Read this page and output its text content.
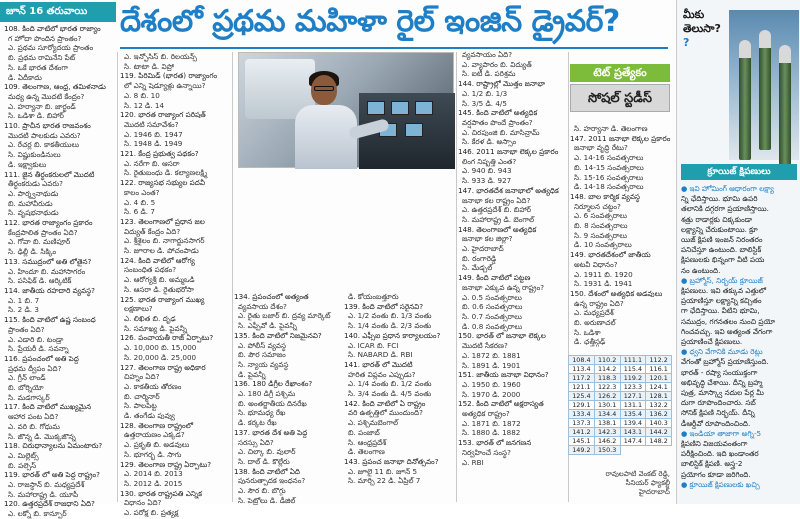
జూన్ 16 తరువాయి	దేశంలో ప్రథమ మహిళా రైల్ ఇంజిన్ డ్రైవర్?

108. కింది వాటిలో భారత రాజ్యాం

గ హోదా పొందిన ప్రాంతం?

ఎ. ప్రథమ సూర్యోదయ ప్రాంతం

బి. ప్రథమ రామినేని పేట్

సి. ఒకే భారత దేశంగా

డి. ఏదీకాదు

109. తెలంగాణ, ఆంధ్ర, తమిళనాడు

మధ్య ఉన్న మొదటి కేంద్రం?

ఎ. హర్యానా బి. జార్ఖండ్

సి. ఒడిశా డి. బిహార్

110. ప్రాచీన భారత రాజవంశం

మొదటి పాలకుడు ఎవరు?

ఎ. రేచర్ల బి. కాకతీయులు

సి. విష్ణుకుండినులు

డి. ఇక్ష్వాకులు

111. జైన తీర్థంకరులలో మొదటి

తీర్థంకరుడు ఎవరు?

ఎ. పార్శ్వనాథుడు

బి. మహావీరుడు

సి. వృషభనాథుడు

112. భారత రాజ్యాంగం ప్రకారం

కేంద్రపాలిత ప్రాంతం ఏది?

ఎ. గోవా బి. మణిపూర్

సి. ఢిల్లీ డి. సిక్కిం

113. సముద్రంలో అతి లోతైన?

ఎ. హిందూ బి. మహాసాగరం

సి. పసిఫిక్ డి. ఆర్కిటిక్

114. జాతీయ రహదారి వ్యవస్థ?

ఎ. 1 బి. 7

సి. 2 డి. 3

115. కింది వాటిలో ఉష్ణ సంబంధ

ప్రాంతం ఏది?

ఎ. ఎడారి బి. టండ్రా

సి. ప్రేయరీ డి. సవన్నా

116. ప్రపంచంలో అతి పెద్ద

ప్రధమ ద్వీపం ఏది?

ఎ. గ్రీన్ లాండ్

బి. బోర్నియో

సి. మడగాస్కర్

117. కింది వాటిలో ముఖ్యమైన

ఆహార పంట ఏది?

ఎ. వరి బి. గోధుమ

సి. జొన్న డి. మొక్కజొన్న

118. చిరుధాన్యాలను ఏమంటారు?

ఎ. మిల్లెట్స్

బి. పల్సెస్

119. భారత్ లో అతి పెద్ద రాష్ట్రం?

ఎ. రాజస్థాన్ బి. మధ్యప్రదేశ్

సి. మహారాష్ట్ర డి. యూపీ

120. ఉత్తరప్రదేశ్ రాజధాని ఏది?

ఎ. లక్నో బి. కాన్పూర్

ఎ. ఇన్ఫోసిస్ బి. రిలయన్స్

సి. టాటా డి. విప్రో

119. పిరిమిడ్ (భారత) రాజ్యాంగం

లో ఎన్ని షెడ్యూళ్లు ఉన్నాయి?

ఎ. 8 బి. 10

సి. 12 డి. 14

120. భారత రాజ్యాంగ పరిషత్

మొదటి సమావేశం?

ఎ. 1946 బి. 1947

సి. 1948 డి. 1949

121. కేంద్ర ప్రభుత్వ పథకం?

ఎ. నరేగా బి. ఆసరా

సి. రైతుబంధు డి. కల్యాణలక్ష్మి

122. రాజ్యసభ సభ్యుల పదవీ

కాలం ఎంత?

ఎ. 4 బి. 5

సి. 6 డి. 7

123. తెలంగాణలో ప్రధాన జల

విద్యుత్ కేంద్రం ఏది?

ఎ. శ్రీశైలం బి. నాగార్జునసాగర్

సి. జూరాల డి. పోచంపాడు

124. కింది వాటిలో ఆరోగ్య

సంబంధిత పథకం?

ఎ. ఆరోగ్యశ్రీ బి. అమ్మఒడి

సి. ఆసరా డి. రైతుభరోసా

125. భారత రాజ్యాంగ ముఖ్య

లక్షణాలు?

ఎ. లిఖిత బి. దృఢ

సి. సమాఖ్య డి. పైవన్నీ

126. పంచాయతీ రాజ్ ఏర్పాటు?

ఎ. 10,000 బి. 15,000

సి. 20,000 డి. 25,000

127. తెలంగాణ రాష్ట్ర అధికార

చిహ్నం ఏది?

ఎ. కాకతీయ తోరణం

బి. చార్మినార్

సి. పాలపిట్ట

డి. తంగేడు పువ్వు

128. తెలంగాణ రాష్ట్రంలో

ఉత్తరాయణం ఎక్కడ?

ఎ. ప్రకృతి బి. అడవులు

సి. భూగర్భ డి. సాగు

129. తెలంగాణ రాష్ట్ర ఏర్పాటు?

ఎ. 2014 బి. 2013

సి. 2012 డి. 2015

130. భారత రాష్ట్రపతి ఎన్నిక

విధానం ఏది?

ఎ. పరోక్ష బి. ప్రత్యక్ష

134. ప్రపంచంలో అత్యంత

వ్యవసాయ దేశం?

ఎ. రైతు బజార్ బి. ద్రవ్య మార్కెట్

సి. ఎఫ్పీవో డి. పైవన్నీ

135. కింది వాటిలో నిజమైనవి?

ఎ. పోలీస్ వ్యవస్థ

బి. పౌర సమాజం

సి. న్యాయ వ్యవస్థ

డి. పైవన్నీ

136. 180 డిగ్రీల రేఖాంశం?

ఎ. 180 డిగ్రీ పశ్చిమ

బి. అంతర్జాతీయ దినరేఖ

సి. భూమధ్య రేఖ

డి. కర్కట రేఖ

137. భారత దేశ అతి పెద్ద

సరస్సు ఏది?

ఎ. చిల్కా బి. వులార్

సి. దాల్ డి. కొల్లేరు

138. కింది వాటిలో ఏది

పునరుత్పాదక ఇంధనం?

ఎ. సౌర బి. బొగ్గు

సి. పెట్రోలు డి. డీజిల్

డి. కోయంబత్తూరు

139. కింది వాటిలో సరైనవి?

ఎ. 1/2 వంతు బి. 1/3 వంతు

సి. 1/4 వంతు డి. 2/3 వంతు

140. ఎఫ్సీఐ ప్రధాన కార్యాలయం?

ఎ. ICAR బి. FCI

సి. NABARD డి. RBI

141. భారత్ లో మొదటి

హరిత విప్లవం ఎప్పుడు?

ఎ. 1/4 వంతు బి. 1/2 వంతు

సి. 3/4 వంతు డి. 4/5 వంతు

142. కింది వాటిలో ఏ రాష్ట్రం

వరి ఉత్పత్తిలో ముందుంది?

ఎ. పశ్చిమబెంగాల్

బి. పంజాబ్

సి. ఆంధ్రప్రదేశ్

డి. తెలంగాణ

143. ప్రపంచ జనాభా దినోత్సవం?

ఎ. జూలై 11 బి. జూన్ 5

సి. మార్చి 22 డి. ఏప్రిల్ 7

వ్యవసాయం ఏది?

ఎ. వ్యాపారం బి. విద్యుత్

సి. ఐటీ డి. పరిశ్రమ

144. రాష్ట్రాల్లో మొత్తం జనాభా

ఎ. 1/2 బి. 1/3

సి. 3/5 డి. 4/5

145. కింది వాటిలో అత్యధిక

వర్షపాతం పొందే ప్రాంతం?

ఎ. చిరపుంజి బి. మాసిన్రామ్

సి. కేరళ డి. అస్సాం

146. 2011 జనాభా లెక్కల ప్రకారం

లింగ నిష్పత్తి ఎంత?

ఎ. 940 బి. 943

సి. 933 డి. 927

147. భారతదేశ జనాభాలో అత్యధిక

జనాభా కల రాష్ట్రం ఏది?

ఎ. ఉత్తరప్రదేశ్ బి. బిహార్

సి. మహారాష్ట్ర డి. బెంగాల్

148. తెలంగాణలో అత్యధిక

జనాభా కల జిల్లా?

ఎ. హైదరాబాద్

బి. రంగారెడ్డి

సి. మేడ్చల్

149. కింది వాటిలో పట్టణ

జనాభా ఎక్కువ ఉన్న రాష్ట్రం?

ఎ. 0.5 సంవత్సరాలు

బి. 0.6 సంవత్సరాలు

సి. 0.7 సంవత్సరాలు

డి. 0.8 సంవత్సరాలు

150. భారత్ లో జనాభా లెక్కల

మొదటి సేకరణ?

ఎ. 1872 బి. 1881

సి. 1891 డి. 1901

151. జాతీయ జనాభా విధానం?

ఎ. 1950 బి. 1960

సి. 1970 డి. 2000

152. కింది వాటిలో అక్షరాస్యత

అత్యధిక రాష్ట్రం?

ఎ. 1871 బి. 1872

సి. 1880 డి. 1882

153. భారత్ లో జనగణన

నిర్వహించే సంస్థ?

ఎ. RBI

టెట్ ప్రత్యేకం
సోషల్ స్టడీస్

సి. హర్యానా డి. తెలంగాణ

147. 2011 జనాభా లెక్కల ప్రకారం

జనాభా వృద్ధి రేటు?

ఎ. 14-16 సంవత్సరాలు

బి. 14-15 సంవత్సరాలు

సి. 15-16 సంవత్సరాలు

డి. 14-18 సంవత్సరాలు

148. బాల కార్మిక వ్యవస్థ

నిర్మూలన చట్టం?

ఎ. 6 సంవత్సరాలు

బి. 8 సంవత్సరాలు

సి. 9 సంవత్సరాలు

డి. 10 సంవత్సరాలు

149. భారతదేశంలో జాతీయ

అటవీ విధానం?

ఎ. 1911 బి. 1920

సి. 1931 డి. 1941

150. దేశంలో అత్యధిక అడవులు

ఉన్న రాష్ట్రం ఏది?

ఎ. మధ్యప్రదేశ్

బి. అరుణాచల్

సి. ఒడిశా

డి. ఛత్తీస్గఢ్

108.4	110.2	111.1	112.2
113.4	114.2	115.4	116.1
117.2	118.3	119.2	120.1
121.1	122.3	123.3	124.1
125.4	126.2	127.1	128.1
129.1	130.1	131.1	132.2
133.4	134.4	135.4	136.2
137.3	138.1	139.4	140.3
141.2	142.3	143.1	144.2
145.1	146.2	147.4	148.2
149.2	150.3		
రావులపాటి వెంకట్ రెడ్డి,
సీనియర్ ఫ్యాకల్టీ
హైదరాబాద్
మీకు
తెలుసా?
?
క్రూయిజ్ క్షిపణులు

● ఇవి హోమింగ్ ఆధారంగా లక్ష్యా

న్ని ఛేదిస్తాయి. భూమి ఉపరి

తలానికి దగ్గరగా ప్రయాణిస్తాయి.

శత్రు రాడార్లకు చిక్కకుండా

లక్ష్యాన్ని చేరుకుంటాయి. క్రూ

యిజ్ క్షిపణి ఇంజన్ నిరంతరం

పనిచేస్తూ ఉంటుంది. బాలిస్టిక్

క్షిపణులకు భిన్నంగా వీటి పయ

నం ఉంటుంది.

● బ్రహ్మోస్, నిర్భయ్ క్రూయిజ్

క్షిపణులు. ఇవి తక్కువ ఎత్తులో

ప్రయాణిస్తూ లక్ష్యాన్ని కచ్చితం

గా ఛేదిస్తాయి. వీటిని భూమి,

సముద్రం, గగనతలం నుంచి ప్రయో

గించవచ్చు. ఇవి అత్యంత వేగంగా

ప్రయాణించే క్షిపణులు.

● ధ్వని వేగానికి మూడు రెట్లు

వేగంతో బ్రహ్మోస్ ప్రయాణిస్తుంది.

భారత్ - రష్యా సంయుక్తంగా

అభివృద్ధి చేశాయి. దీన్ని బ్రహ్మ

పుత్ర, మాస్క్వా నదుల పేర్ల మీ

దుగా రూపొందించారు. సబ్

సోనిక్ క్షిపణి నిర్భయ్. దీన్ని

డీఆర్డీవో రూపొందించింది.

● ఇండియా తాజాగా అగ్ని-5

క్షిపణిని విజయవంతంగా

పరీక్షించింది. ఇది ఖండాంతర

బాలిస్టిక్ క్షిపణి. అస్త్ర-2

ప్రయోగం కూడా జరిగింది.

● క్రూయిజ్ క్షిపణులకు ఖచ్చి
